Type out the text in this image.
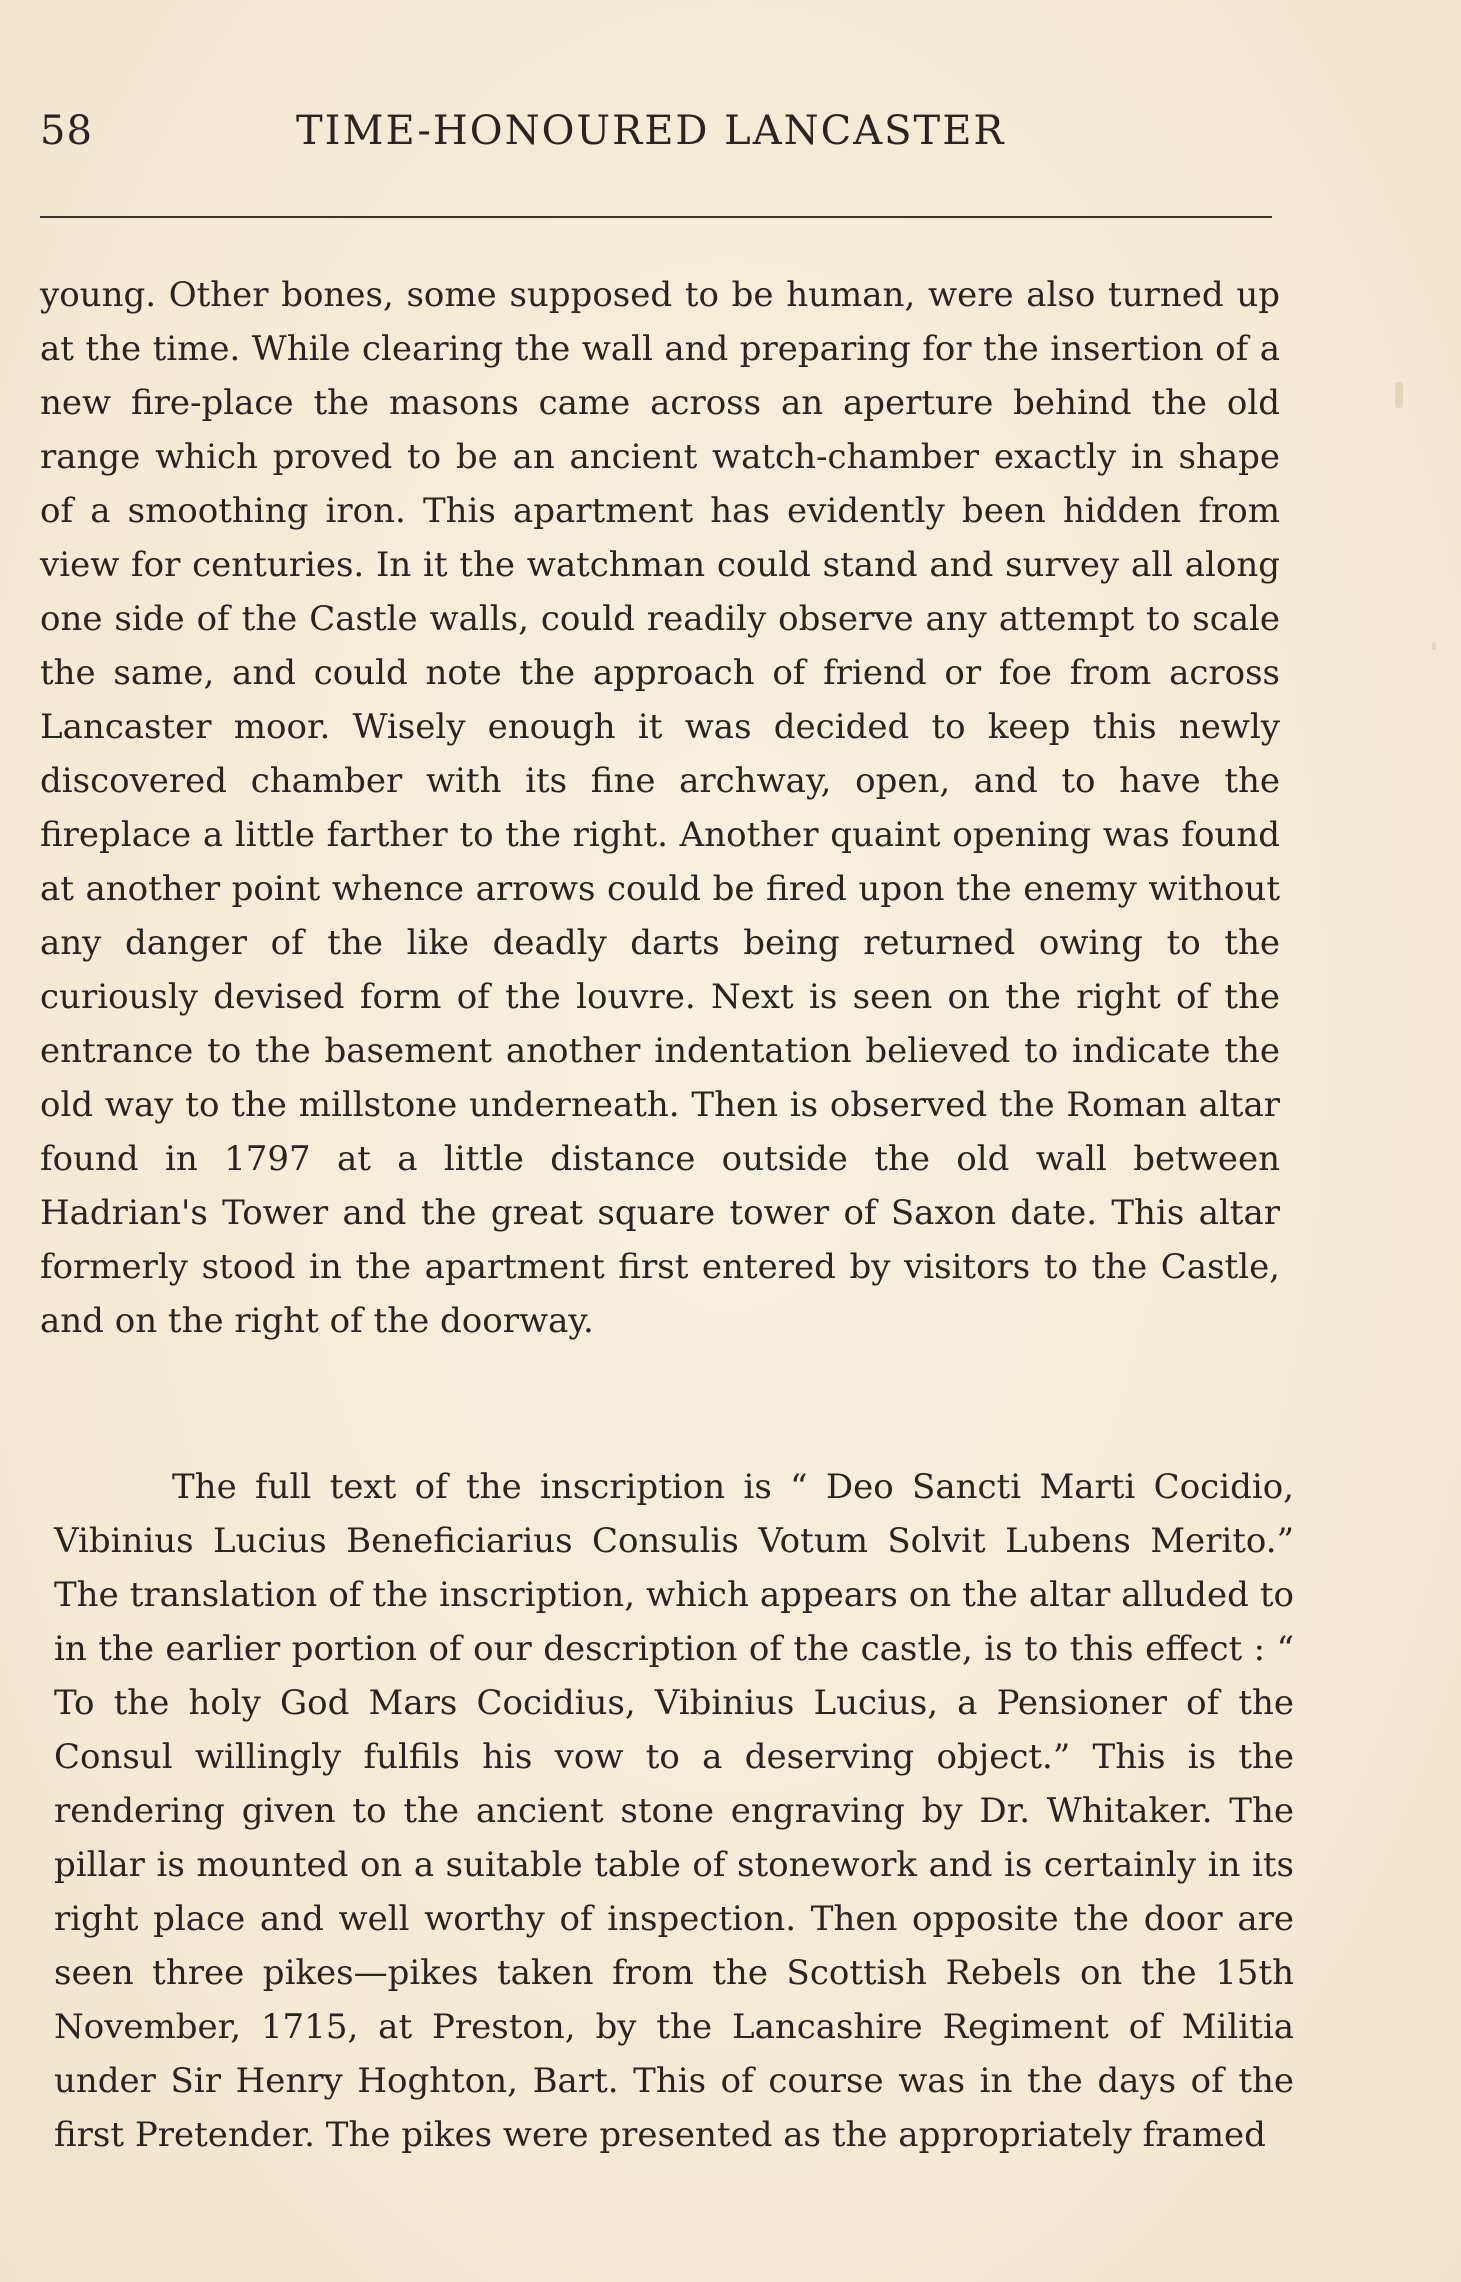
58	TIME-HONOURED LANCASTER

young. Other bones, some supposed to be human, were also turned up at the time. While clearing the wall and preparing for the insertion of a new fire-place the masons came across an aperture behind the old range which proved to be an ancient watch-chamber exactly in shape of a smoothing iron. This apartment has evidently been hidden from view for centuries. In it the watchman could stand and survey all along one side of the Castle walls, could readily observe any attempt to scale the same, and could note the approach of friend or foe from across Lancaster moor. Wisely enough it was decided to keep this newly discovered chamber with its fine archway, open, and to have the fireplace a little farther to the right. Another quaint opening was found at another point whence arrows could be fired upon the enemy without any danger of the like deadly darts being returned owing to the curiously devised form of the louvre. Next is seen on the right of the entrance to the basement another indentation believed to indicate the old way to the millstone underneath. Then is observed the Roman altar found in 1797 at a little distance outside the old wall between Hadrian's Tower and the great square tower of Saxon date. This altar formerly stood in the apartment first entered by visitors to the Castle, and on the right of the doorway.

The full text of the inscription is “ Deo Sancti Marti Cocidio, Vibinius Lucius Beneficiarius Consulis Votum Solvit Lubens Merito.” The translation of the inscription, which appears on the altar alluded to in the earlier portion of our description of the castle, is to this effect : “ To the holy God Mars Cocidius, Vibinius Lucius, a Pensioner of the Consul willingly fulfils his vow to a deserving object.” This is the rendering given to the ancient stone engraving by Dr. Whitaker. The pillar is mounted on a suitable table of stonework and is certainly in its right place and well worthy of inspection. Then opposite the door are seen three pikes—pikes taken from the Scottish Rebels on the 15th November, 1715, at Preston, by the Lancashire Regiment of Militia under Sir Henry Hoghton, Bart. This of course was in the days of the first Pretender. The pikes were presented as the appropriately framed
